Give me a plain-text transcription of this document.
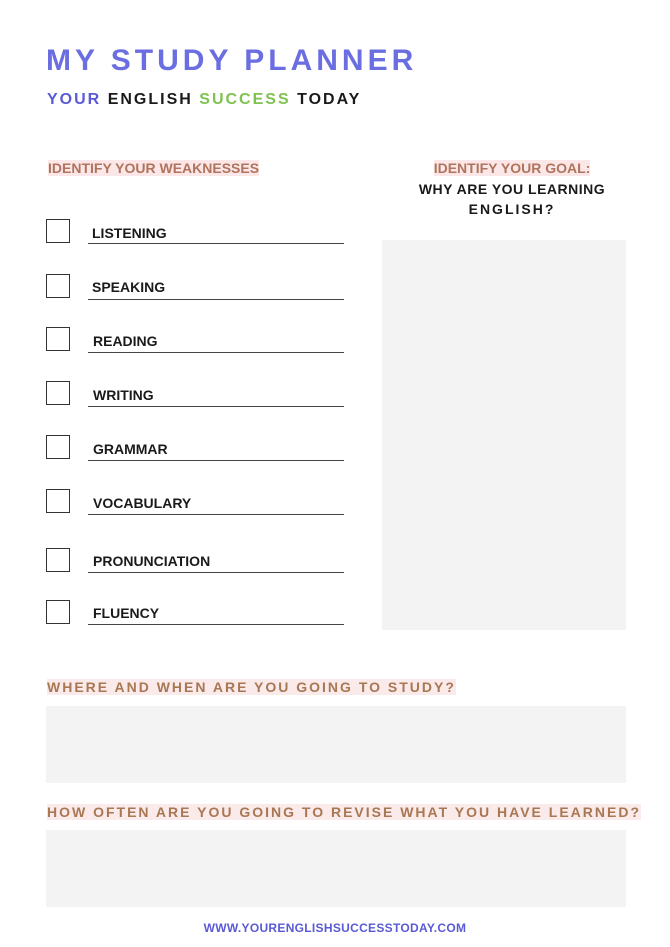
MY STUDY PLANNER
YOUR ENGLISH SUCCESS TODAY
IDENTIFY YOUR WEAKNESSES	IDENTIFY YOUR GOAL:
WHY ARE YOU LEARNING
ENGLISH?
LISTENING
SPEAKING
READING
WRITING
GRAMMAR
VOCABULARY
PRONUNCIATION
FLUENCY
WHERE AND WHEN ARE YOU GOING TO STUDY?
HOW OFTEN ARE YOU GOING TO REVISE WHAT YOU HAVE LEARNED?
WWW.YOURENGLISHSUCCESSTODAY.COM
